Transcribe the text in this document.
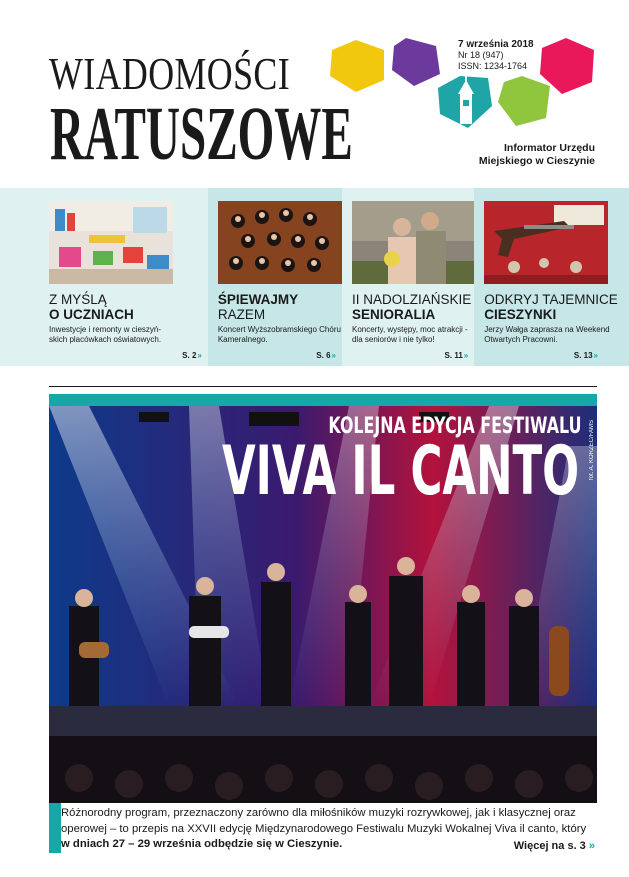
WIADOMOŚCI
RATUSZOWE
7 września 2018
Nr 18 (947)
ISSN: 1234-1764
Informator Urzędu
Miejskiego w Cieszynie
Z MYŚLĄ
O UCZNIACH
Inwestycje i remonty w cieszyń-skich placówkach oświatowych.
S. 2»
ŚPIEWAJMY
RAZEM
Koncert Wyższobramskiego Chóru Kameralnego.
S. 6»
II NADOLZIAŃSKIE
SENIORALIA
Koncerty, występy, moc atrakcji - dla seniorów i nie tylko!
S. 11»
ODKRYJ TAJEMNICE
CIESZYNKI
Jerzy Wałga zaprasza na Weekend Otwartych Pracowni.
S. 13»
KOLEJNA EDYCJA FESTIWALU
VIVA IL CANTO fot. A. KORZEC/FAMS
Różnorodny program, przeznaczony zarówno dla miłośników muzyki rozrywkowej, jak i klasycznej oraz operowej – to przepis na XXVII edycję Międzynarodowego Festiwalu Muzyki Wokalnej Viva il canto, który w dniach 27 – 29 września odbędzie się w Cieszynie.	Więcej na s. 3 »
